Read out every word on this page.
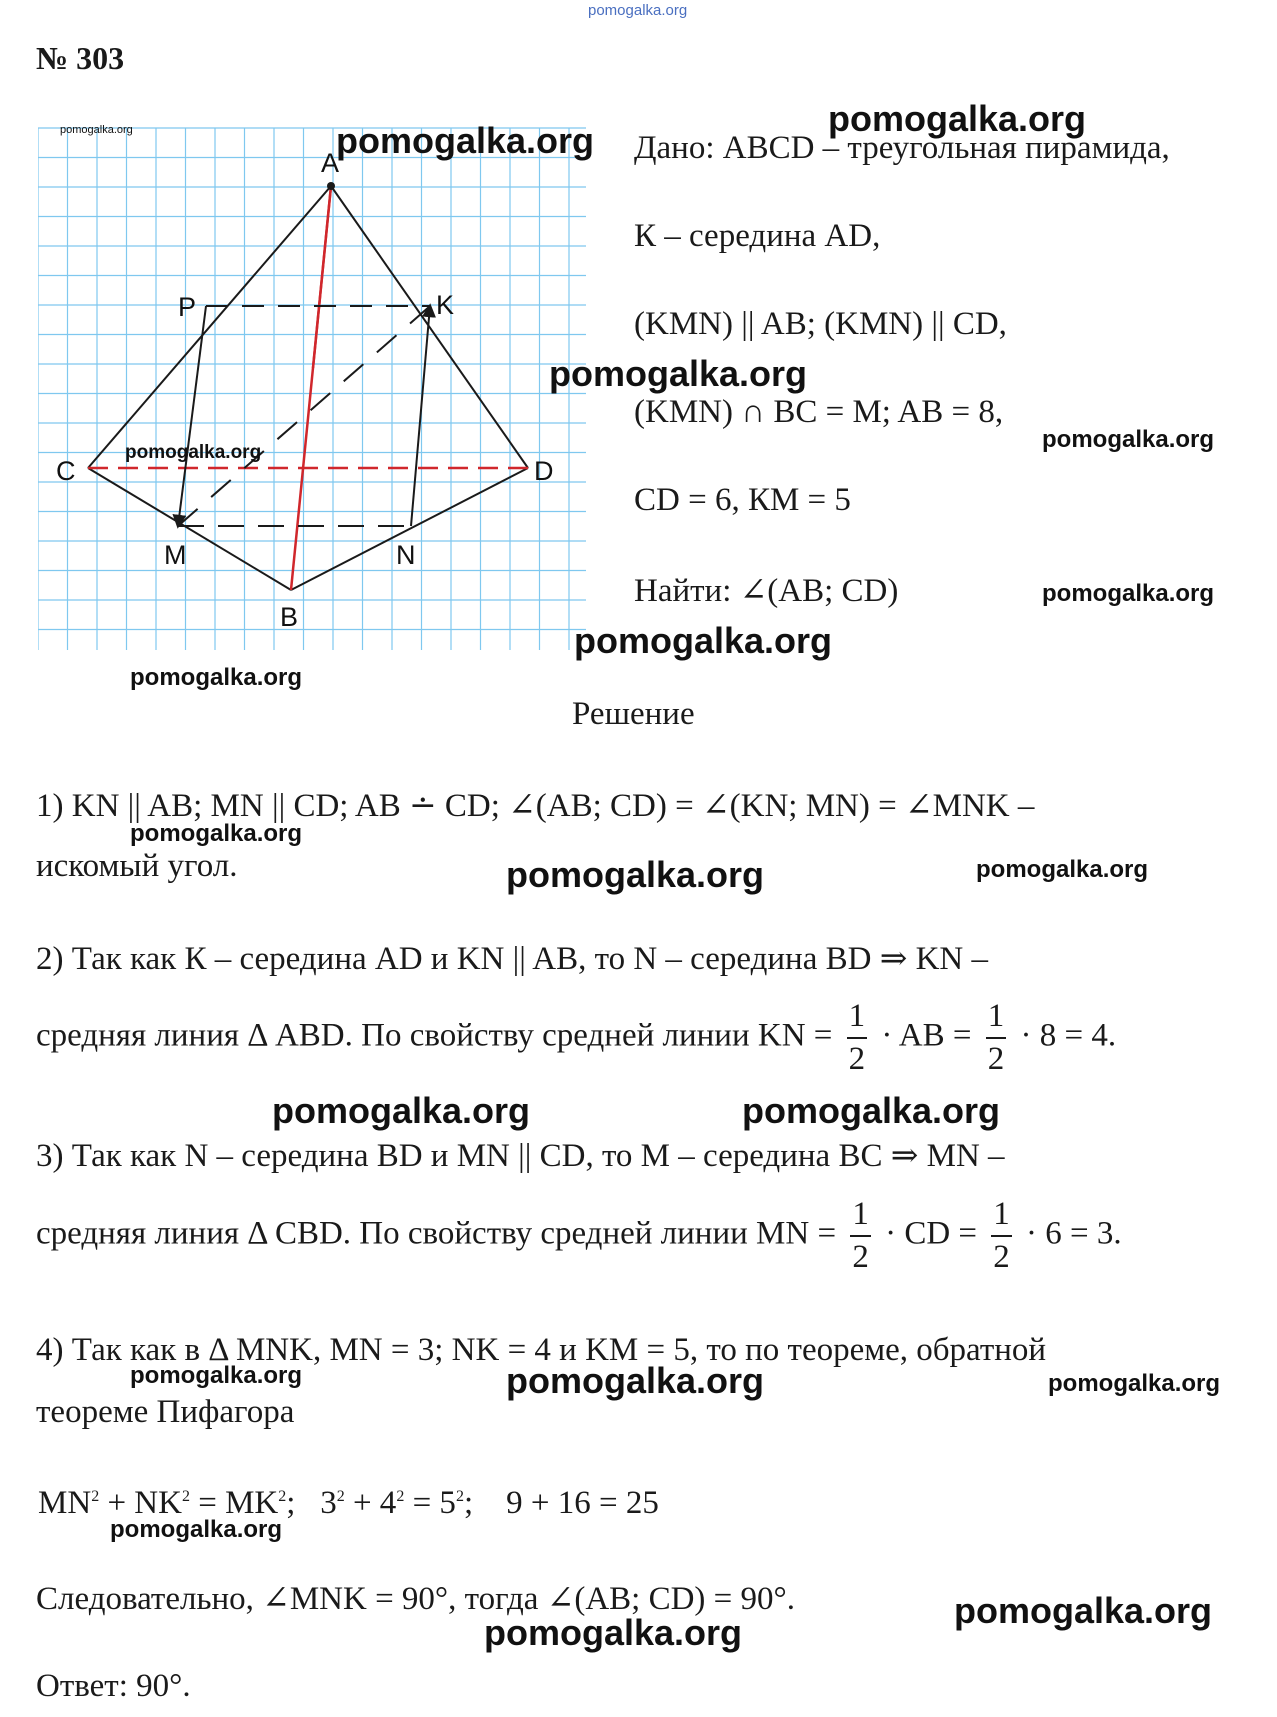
pomogalka.org
№ 303
A
P	K
C	D
M	N
B
pomogalka.org
pomogalka.org
pomogalka.org
pomogalka.org
pomogalka.org
pomogalka.org
pomogalka.org
pomogalka.org
pomogalka.org
Дано: ABCD – треугольная пирамида,
К – середина AD,
(KMN) || AB; (KMN) || CD,
(KMN) ∩ BC = M; AB = 8,
CD = 6, КМ = 5
Найти: ∠(AB; CD)
Решение
1) KN || AB; MN || CD; AB ∸ CD; ∠(AB; CD) = ∠(KN; MN) = ∠MNK –
pomogalka.org
искомый угол.	pomogalka.org	pomogalka.org
2) Так как К – середина AD и KN || AB, то N – середина BD ⇒ KN –
средняя линия Δ ABD. По свойству средней линии KN = $\frac{1}{2}$ · AB = $\frac{1}{2} \cdot 8 = 4$.
pomogalka.org	pomogalka.org
3) Так как N – середина BD и MN || CD, то M – середина BC ⇒ MN –
средняя линия Δ CBD. По свойству средней линии MN = $\frac{1}{2}$ · CD = $\frac{1}{2} \cdot 6 = 3$.
4) Так как в Δ MNK, MN = 3; NK = 4 и KM = 5, то по теореме, обратной
pomogalka.org	pomogalka.org	pomogalka.org
теореме Пифагора
$MN^2 + NK^2 = MK^2$; $3^2 + 4^2 = 5^2$; 9 + 16 = 25
pomogalka.org
Следовательно, ∠MNK = 90°, тогда ∠(AB; CD) = 90°.	pomogalka.org
pomogalka.org
Ответ: 90°.
